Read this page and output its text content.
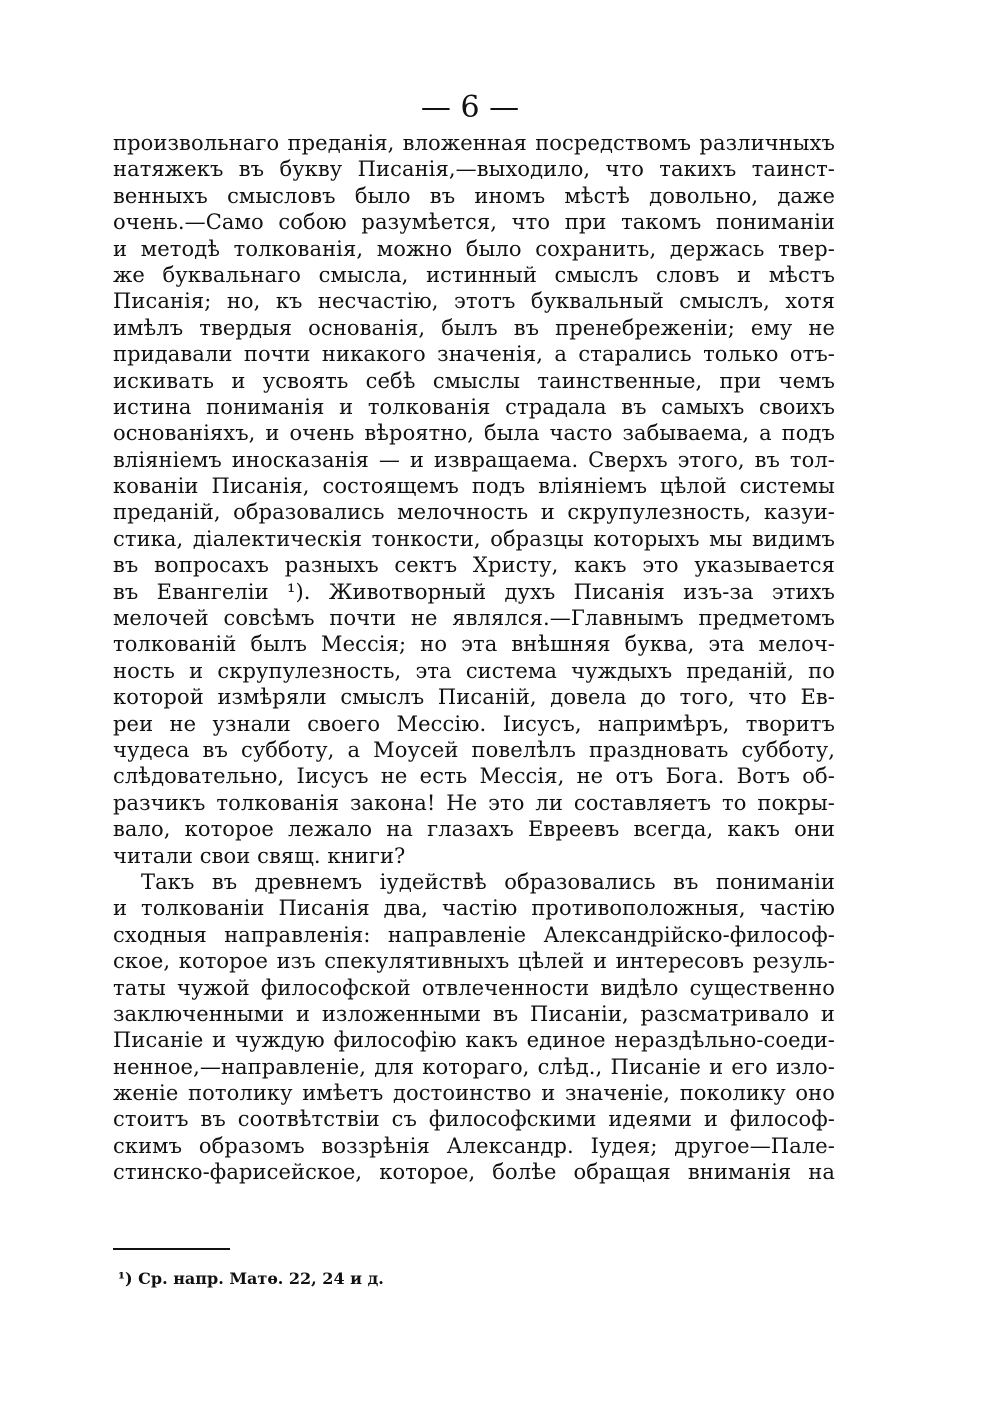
— 6 —
произвольнаго преданія, вложенная посредствомъ различныхъ
натяжекъ въ букву Писанія,—выходило, что такихъ таинст-
венныхъ смысловъ было въ иномъ мѣстѣ довольно, даже
очень.—Само собою разумѣется, что при такомъ пониманіи
и методѣ толкованія, можно было сохранить, держась твер-
же буквальнаго смысла, истинный смыслъ словъ и мѣстъ
Писанія; но, къ несчастію, этотъ буквальный смыслъ, хотя
имѣлъ твердыя основанія, былъ въ пренебреженіи; ему не
придавали почти никакого значенія, а старались только отъ-
искивать и усвоять себѣ смыслы таинственные, при чемъ
истина пониманія и толкованія страдала въ самыхъ своихъ
основаніяхъ, и очень вѣроятно, была часто забываема, а подъ
вліяніемъ иносказанія — и извращаема. Сверхъ этого, въ тол-
кованіи Писанія, состоящемъ подъ вліяніемъ цѣлой системы
преданій, образовались мелочность и скрупулезность, казуи-
стика, діалектическія тонкости, образцы которыхъ мы видимъ
въ вопросахъ разныхъ сектъ Христу, какъ это указывается
въ Евангеліи ¹). Животворный духъ Писанія изъ-за этихъ
мелочей совсѣмъ почти не являлся.—Главнымъ предметомъ
толкованій былъ Мессія; но эта внѣшняя буква, эта мелоч-
ность и скрупулезность, эта система чуждыхъ преданій, по
которой измѣряли смыслъ Писаній, довела до того, что Ев-
реи не узнали своего Мессію. Іисусъ, напримѣръ, творитъ
чудеса въ субботу, а Моусей повелѣлъ праздновать субботу,
слѣдовательно, Іисусъ не есть Мессія, не отъ Бога. Вотъ об-
разчикъ толкованія закона! Не это ли составляетъ то покры-
вало, которое лежало на глазахъ Евреевъ всегда, какъ они
читали свои свящ. книги?
Такъ въ древнемъ іудействѣ образовались въ пониманіи
и толкованіи Писанія два, частію противоположныя, частію
сходныя направленія: направленіе Александрійско-философ-
ское, которое изъ спекулятивныхъ цѣлей и интересовъ резуль-
таты чужой философской отвлеченности видѣло существенно
заключенными и изложенными въ Писаніи, разсматривало и
Писаніе и чуждую философію какъ единое нераздѣльно-соеди-
ненное,—направленіе, для котораго, слѣд., Писаніе и его изло-
женіе потолику имѣетъ достоинство и значеніе, поколику оно
стоитъ въ соотвѣтствіи съ философскими идеями и философ-
скимъ образомъ воззрѣнія Александр. Іудея; другое—Пале-
стинско-фарисейское, которое, болѣе обращая вниманія на
¹) Ср. напр. Матѳ. 22, 24 и д.
